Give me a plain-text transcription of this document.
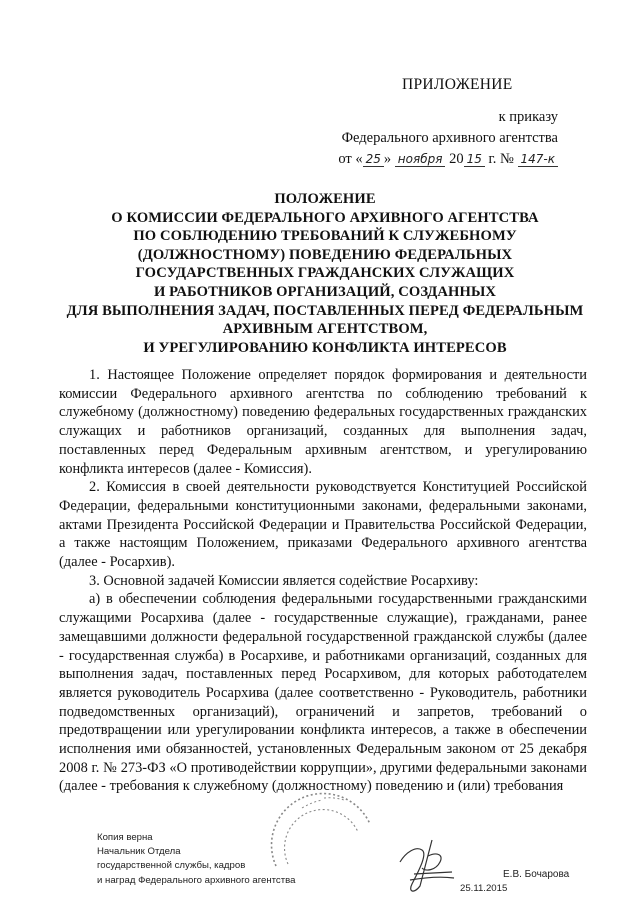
ПРИЛОЖЕНИЕ
к приказу
Федерального архивного агентства
от « 25 » ноября 20 15 г. № 147-к
ПОЛОЖЕНИЕ
О КОМИССИИ ФЕДЕРАЛЬНОГО АРХИВНОГО АГЕНТСТВА
ПО СОБЛЮДЕНИЮ ТРЕБОВАНИЙ К СЛУЖЕБНОМУ
(ДОЛЖНОСТНОМУ) ПОВЕДЕНИЮ ФЕДЕРАЛЬНЫХ
ГОСУДАРСТВЕННЫХ ГРАЖДАНСКИХ СЛУЖАЩИХ
И РАБОТНИКОВ ОРГАНИЗАЦИЙ, СОЗДАННЫХ
ДЛЯ ВЫПОЛНЕНИЯ ЗАДАЧ, ПОСТАВЛЕННЫХ ПЕРЕД ФЕДЕРАЛЬНЫМ
АРХИВНЫМ АГЕНТСТВОМ,
И УРЕГУЛИРОВАНИЮ КОНФЛИКТА ИНТЕРЕСОВ

1. Настоящее Положение определяет порядок формирования и деятельности комиссии Федерального архивного агентства по соблюдению требований к служебному (должностному) поведению федеральных государственных гражданских служащих и работников организаций, созданных для выполнения задач, поставленных перед Федеральным архивным агентством, и урегулированию конфликта интересов (далее - Комиссия).

2. Комиссия в своей деятельности руководствуется Конституцией Российской Федерации, федеральными конституционными законами, федеральными законами, актами Президента Российской Федерации и Правительства Российской Федерации, а также настоящим Положением, приказами Федерального архивного агентства (далее - Росархив).

3. Основной задачей Комиссии является содействие Росархиву:

а) в обеспечении соблюдения федеральными государственными гражданскими служащими Росархива (далее - государственные служащие), гражданами, ранее замещавшими должности федеральной государственной гражданской службы (далее - государственная служба) в Росархиве, и работниками организаций, созданных для выполнения задач, поставленных перед Росархивом, для которых работодателем является руководитель Росархива (далее соответственно - Руководитель, работники подведомственных организаций), ограничений и запретов, требований о предотвращении или урегулировании конфликта интересов, а также в обеспечении исполнения ими обязанностей, установленных Федеральным законом от 25 декабря 2008 г. № 273-ФЗ «О противодействии коррупции», другими федеральными законами (далее - требования к служебному (должностному) поведению и (или) требования

Копия верна
Начальник Отдела
государственной службы, кадров
и наград Федерального архивного агентства
Е.В. Бочарова
25.11.2015
